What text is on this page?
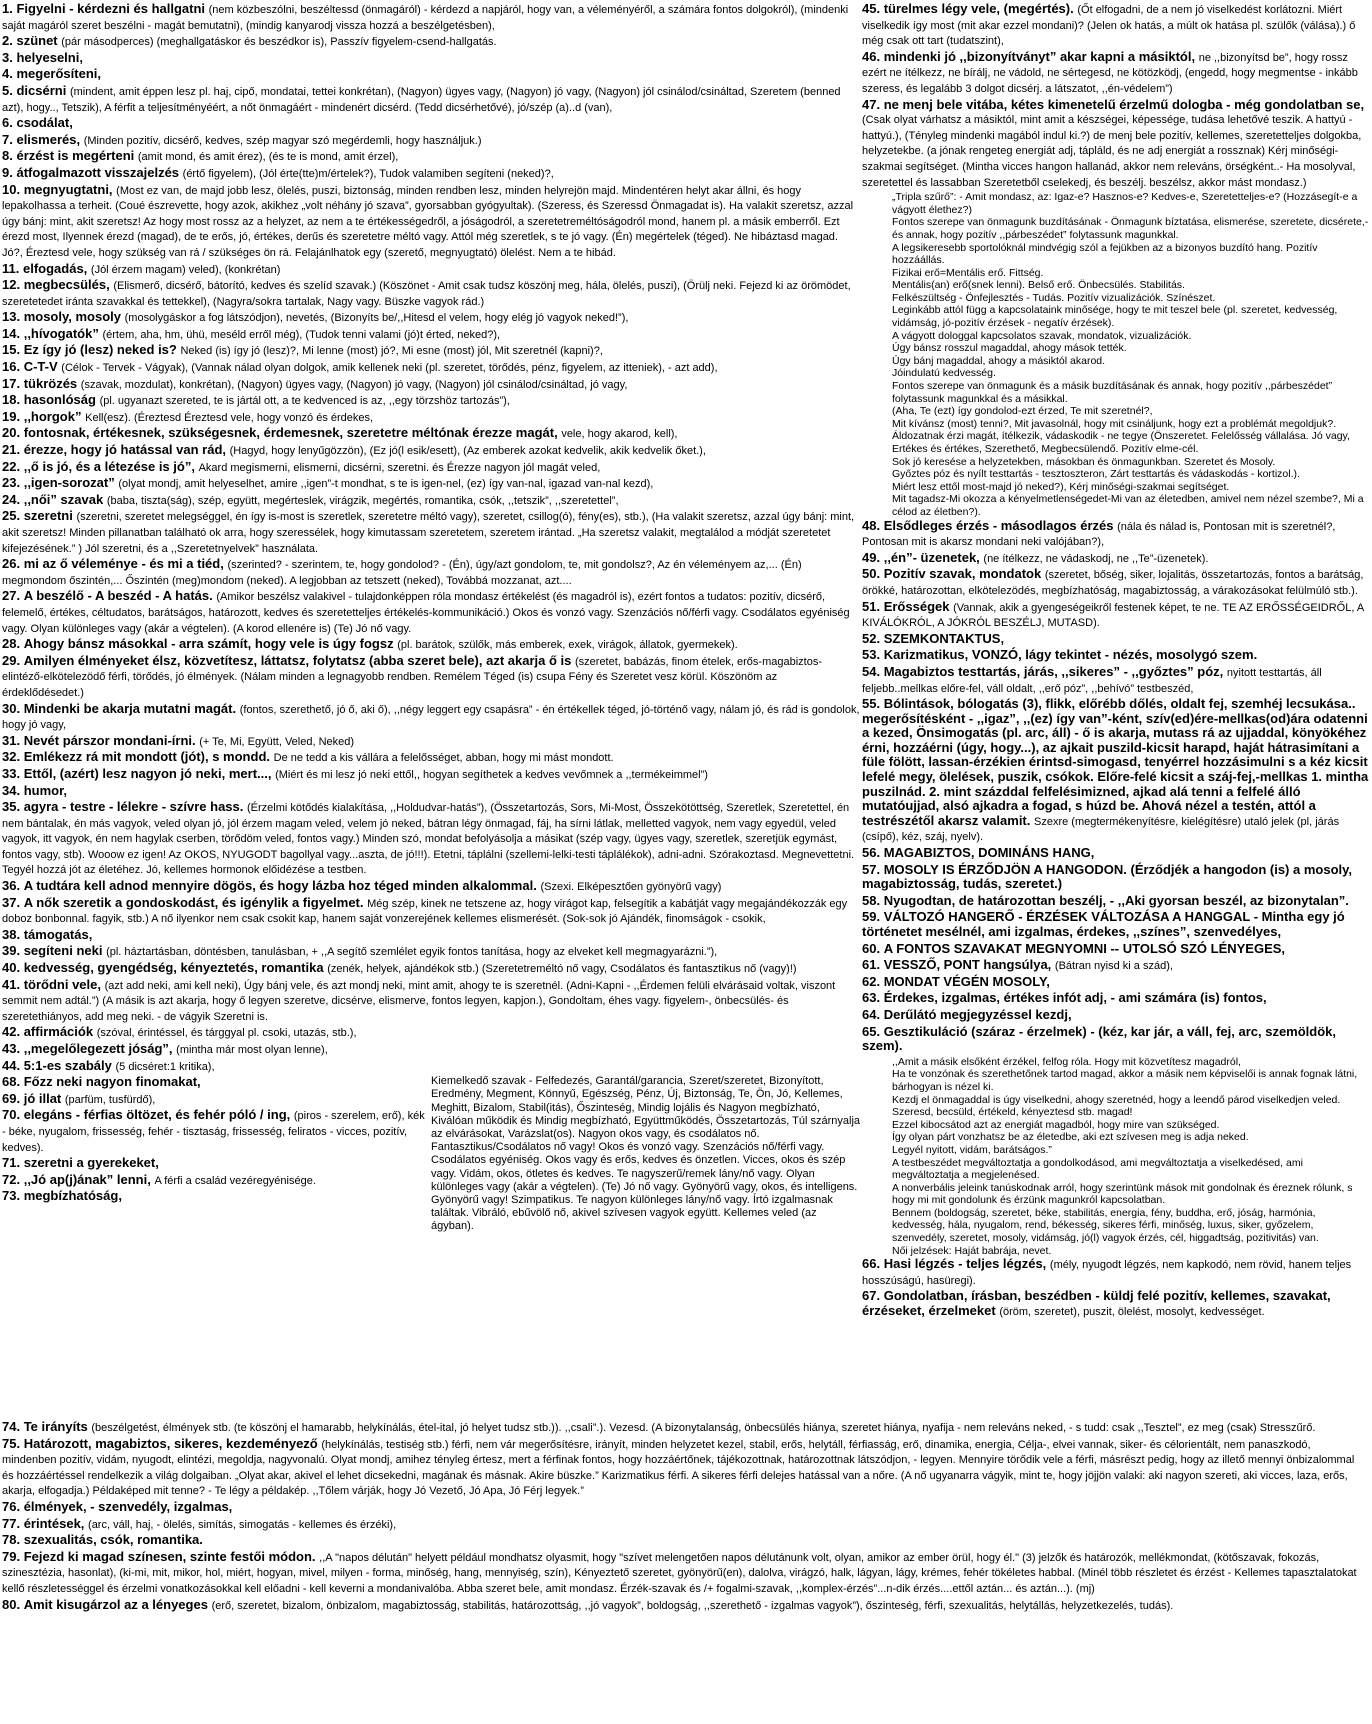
1. Figyelni - kérdezni és hallgatni (nem közbeszólni, beszéltessd (önmagáról) - kérdezd a napjáról, hogy van, a véleményéről, a számára fontos dolgokról), (mindenki saját magáról szeret beszélni - magát bemutatni), (mindig kanyarodj vissza hozzá a beszélgetésben),

2. szünet (pár másodperces) (meghallgatáskor és beszédkor is), Passzív figyelem-csend-hallgatás.

3. helyeselni,

4. megerősíteni,

5. dicsérni (mindent, amit éppen lesz pl. haj, cipő, mondatai, tettei konkrétan), (Nagyon) ügyes vagy, (Nagyon) jó vagy, (Nagyon) jól csinálod/csináltad, Szeretem (benned azt), hogy.., Tetszik), A férfit a teljesítményéért, a nőt önmagáért - mindenért dicsérd. (Tedd dicsérhetővé), jó/szép (a)..d (van),

6. csodálat,

7. elismerés, (Minden pozitív, dicsérő, kedves, szép magyar szó megérdemli, hogy használjuk.)

8. érzést is megérteni (amit mond, és amit érez), (és te is mond, amit érzel),

9. átfogalmazott visszajelzés (értő figyelem), (Jól érte(tte)m/értelek?), Tudok valamiben segíteni (neked)?,

10. megnyugtatni, (Most ez van, de majd jobb lesz, ölelés, puszi, biztonság, minden rendben lesz, minden helyrejön majd. Mindentéren helyt akar állni, és hogy lepakolhassa a terheit. (Coué észrevette, hogy azok, akikhez „volt néhány jó szava”, gyorsabban gyógyultak). (Szeress, és Szeressd Önmagadat is). Ha valakit szeretsz, azzal úgy bánj: mint, akit szeretsz! Az hogy most rossz az a helyzet, az nem a te értékességedről, a jóságodról, a szeretetreméltóságodról mond, hanem pl. a másik emberről. Ezt érezd most, Ilyennek érezd (magad), de te erős, jó, értékes, derűs és szeretetre méltó vagy. Attól még szeretlek, s te jó vagy. (Én) megértelek (téged). Ne hibáztasd magad. Jó?, Éreztesd vele, hogy szükség van rá / szükséges ön rá. Felajánlhatok egy (szerető, megnyugtató) ölelést. Nem a te hibád.

11. elfogadás, (Jól érzem magam) veled), (konkrétan)

12. megbecsülés, (Elismerő, dicsérő, bátorító, kedves és szelíd szavak.) (Köszönet - Amit csak tudsz köszönj meg, hála, ölelés, puszi), (Örülj neki. Fejezd ki az örömödet, szeretetedet iránta szavakkal és tettekkel), (Nagyra/sokra tartalak, Nagy vagy. Büszke vagyok rád.)

13. mosoly, mosoly (mosolygáskor a fog látszódjon), nevetés, (Bizonyíts be/,,Hitesd el velem, hogy elég jó vagyok neked!”),

14. ,,hívogatók” (értem, aha, hm, ühü, meséld erről még), (Tudok tenni valami (jó)t érted, neked?),

15. Ez így jó (lesz) neked is? Neked (is) így jó (lesz)?, Mi lenne (most) jó?, Mi esne (most) jól, Mit szeretnél (kapni)?,

16. C-T-V (Célok - Tervek - Vágyak), (Vannak nálad olyan dolgok, amik kellenek neki (pl. szeretet, törődés, pénz, figyelem, az itteniek), - azt add),

17. tükrözés (szavak, mozdulat), konkrétan), (Nagyon) ügyes vagy, (Nagyon) jó vagy, (Nagyon) jól csinálod/csináltad, jó vagy,

18. hasonlóság (pl. ugyanazt szereted, te is jártál ott, a te kedvenced is az, ,,egy törzshöz tartozás”),

19. ,,horgok” Kell(esz). (Éreztesd Éreztesd vele, hogy vonzó és érdekes,

20. fontosnak, értékesnek, szükségesnek, érdemesnek, szeretetre méltónak érezze magát, vele, hogy akarod, kell),

21. érezze, hogy jó hatással van rád, (Hagyd, hogy lenyűgözzön), (Ez jó(l esik/esett), (Az emberek azokat kedvelik, akik kedvelik őket.),

22. ,,ő is jó, és a létezése is jó”, Akard megismerni, elismerni, dicsérni, szeretni. és Érezze nagyon jól magát veled,

23. ,,igen-sorozat” (olyat mondj, amit helyeselhet, amire ,,igen”-t mondhat, s te is igen-nel, (ez) így van-nal, igazad van-nal kezd),

24. ,,női” szavak (baba, tiszta(ság), szép, együtt, megérteslek, virágzik, megértés, romantika, csók, ,,tetszik”, ,,szeretettel”,

25. szeretni (szeretni, szeretet melegséggel, én így is-most is szeretlek, szeretetre méltó vagy), szeretet, csillog(ó), fény(es), stb.), (Ha valakit szeretsz, azzal úgy bánj: mint, akit szeretsz! Minden pillanatban található ok arra, hogy szeressélek, hogy kimutassam szeretetem, szeretem irántad. „Ha szeretsz valakit, megtalálod a módját szeretetet kifejezésének.” ) Jól szeretni, és a ,,Szeretetnyelvek” használata.

26. mi az ő véleménye - és mi a tiéd, (szerinted? - szerintem, te, hogy gondolod? - (Én), úgy/azt gondolom, te, mit gondolsz?, Az én véleményem az,... (Én) megmondom őszintén,... Őszintén (meg)mondom (neked). A legjobban az tetszett (neked), Továbbá mozzanat, azt....

27. A beszélő - A beszéd - A hatás. (Amikor beszélsz valakivel - tulajdonképpen róla mondasz értékelést (és magadról is), ezért fontos a tudatos: pozitív, dicsérő, felemelő, értékes, céltudatos, barátságos, határozott, kedves és szeretetteljes értékelés-kommunikáció.) Okos és vonzó vagy. Szenzációs nő/férfi vagy. Csodálatos egyéniség vagy. Olyan különleges vagy (akár a végtelen). (A korod ellenére is) (Te) Jó nő vagy.

28. Ahogy bánsz másokkal - arra számít, hogy vele is úgy fogsz (pl. barátok, szülők, más emberek, exek, virágok, állatok, gyermekek).

29. Amilyen élményeket élsz, közvetítesz, láttatsz, folytatsz (abba szeret bele), azt akarja ő is (szeretet, babázás, finom ételek, erős-magabiztos-elintéző-elkötelezödő férfi, törődés, jó élmények. (Nálam minden a legnagyobb rendben. Remélem Téged (is) csupa Fény és Szeretet vesz körül. Köszönöm az érdeklődésedet.)

30. Mindenki be akarja mutatni magát. (fontos, szerethető, jó ő, aki ő), ,,négy leggert egy csapásra” - én értékellek téged, jó-történő vagy, nálam jó, és rád is gondolok, hogy jó vagy,

31. Nevét párszor mondani-írni. (+ Te, Mi, Együtt, Veled, Neked)

32. Emlékezz rá mit mondott (jót), s mondd. De ne tedd a kis vállára a felelősséget, abban, hogy mi mást mondott.

33. Ettől, (azért) lesz nagyon jó neki, mert..., (Miért és mi lesz jó neki ettől,, hogyan segíthetek a kedves vevőmnek a ,,termékeimmel”)

34. humor,

35. agyra - testre - lélekre - szívre hass. (Érzelmi kötődés kialakítása, ,,Holdudvar-hatás”), (Összetartozás, Sors, Mi-Most, Összekötöttség, Szeretlek, Szeretettel, én nem bántalak, én más vagyok, veled olyan jó, jól érzem magam veled, velem jó neked, bátran légy önmagad, fáj, ha sírni látlak, melletted vagyok, nem vagy egyedül, veled vagyok, itt vagyok, én nem hagylak cserben, törődöm veled, fontos vagy.) Minden szó, mondat befolyásolja a másikat (szép vagy, ügyes vagy, szeretlek, szeretjük egymást, fontos vagy, stb). Wooow ez igen! Az OKOS, NYUGODT bagollyal vagy...aszta, de jó!!!). Etetni, táplálni (szellemi-lelki-testi táplálékok), adni-adni. Szórakoztasd. Megnevettetni. Tegyél hozzá jót az életéhez. Jó, kellemes hormonok előidézése a testben.

36. A tudtára kell adnod mennyire dögös, és hogy lázba hoz téged minden alkalommal. (Szexi. Elképesztően gyönyörű vagy)

37. A nők szeretik a gondoskodást, és igénylik a figyelmet. Még szép, kinek ne tetszene az, hogy virágot kap, felsegítik a kabátját vagy megajándékozzák egy doboz bonbonnal. fagyik, stb.) A nő ilyenkor nem csak csokit kap, hanem saját vonzerejének kellemes elismerését. (Sok-sok jó Ajándék, finomságok - csokik,

38. támogatás,

39. segíteni neki (pl. háztartásban, döntésben, tanulásban, + ,,A segítő szemlélet egyik fontos tanítása, hogy az elveket kell megmagyarázni.”),

40. kedvesség, gyengédség, kényeztetés, romantika (zenék, helyek, ajándékok stb.) (Szeretetreméltó nő vagy, Csodálatos és fantasztikus nő (vagy)!)

41. törődni vele, (azt add neki, ami kell neki), Úgy bánj vele, és azt mondj neki, mint amit, ahogy te is szeretnél. (Adni-Kapni - ,,Érdemen felüli elvárásaid voltak, viszont semmit nem adtál.”) (A másik is azt akarja, hogy ő legyen szeretve, dicsérve, elismerve, fontos legyen, kapjon.), Gondoltam, éhes vagy. figyelem-, önbecsülés- és szeretethiányos, add meg neki. - de vágyik Szeretni is.

42. affirmációk (szóval, érintéssel, és tárggyal pl. csoki, utazás, stb.),

43. ,,megelőlegezett jóság”, (mintha már most olyan lenne),

44. 5:1-es szabály (5 dicséret:1 kritika),

68. Főzz neki nagyon finomakat,

69. jó illat (parfüm, tusfürdő),

70. elegáns - férfias öltözet, és fehér póló / ing, (piros - szerelem, erő), kék - béke, nyugalom, frissesség, fehér - tisztaság, frissesség, feliratos - vicces, pozitív, kedves).

71. szeretni a gyerekeket,

72. ,,Jó ap(j)ának” lenni, A férfi a család vezéregyénisége.

73. megbízhatóság,

Kiemelkedő szavak - Felfedezés, Garantál/garancia, Szeret/szeretet, Bizonyított, Eredmény, Megment, Könnyű, Egészség, Pénz, Új, Biztonság, Te, Ön, Jó, Kellemes, Meghitt, Bizalom, Stabil(itás), Őszinteség, Mindig lojális és Nagyon megbízható, Kiválóan működik és Mindig megbízható, Együttműködés, Összetartozás, Túl szárnyalja az elvárásokat, Varázslat(os). Nagyon okos vagy, és csodálatos nő. Fantasztikus/Csodálatos nő vagy! Okos és vonzó vagy. Szenzációs nő/férfi vagy. Csodálatos egyéniség. Okos vagy és erős, kedves és önzetlen. Vicces, okos és szép vagy. Vidám, okos, ötletes és kedves. Te nagyszerű/remek lány/nő vagy. Olyan különleges vagy (akár a végtelen). (Te) Jó nő vagy. Gyönyörű vagy, okos, és intelligens. Gyönyörű vagy! Szimpatikus. Te nagyon különleges lány/nő vagy. Írtó izgalmasnak találtak. Vibráló, ebűvölő nő, akivel szívesen vagyok együtt. Kellemes veled (az ágyban).

45. türelmes légy vele, (megértés). (Őt elfogadni, de a nem jó viselkedést korlátozni. Miért viselkedik így most (mit akar ezzel mondani)? (Jelen ok hatás, a múlt ok hatása pl. szülők (válása).) ő még csak ott tart (tudatszint),

46. mindenki jó ,,bizonyítványt” akar kapni a másiktól, ne ,,bizonyítsd be”, hogy rossz ezért ne ítélkezz, ne bírálj, ne vádold, ne sértegesd, ne kötözködj, (engedd, hogy megmentse - inkább szeress, és legalább 3 dolgot dicsérj. a látszatot, ,,én-védelem”)

47. ne menj bele vitába, kétes kimenetelű érzelmű dologba - még gondolatban se, (Csak olyat várhatsz a másiktól, mint amit a készségei, képessége, tudása lehetővé teszik. A hattyú - hattyú.), (Tényleg mindenki magából indul ki.?) de menj bele pozitív, kellemes, szeretetteljes dolgokba, helyzetekbe. (a jónak rengeteg energiát adj, tápláld, és ne adj energiát a rossznak) Kérj minőségi-szakmai segítséget. (Mintha vicces hangon hallanád, akkor nem releváns, örségként..- Ha mosolyval, szeretettel és lassabban Szeretetből cselekedj, és beszélj. beszélsz, akkor mást mondasz.)

„Tripla szűrő”: - Amit mondasz, az: Igaz-e? Hasznos-e? Kedves-e, Szeretetteljes-e? (Hozzásegít-e a vágyott élethez?)

Fontos szerepe van önmagunk buzdításának - Önmagunk bíztatása, elismerése, szeretete, dicsérete,- és annak, hogy pozitív ,,párbeszédet” folytassunk magunkkal.

A legsikeresebb sportolóknál mindvégig szól a fejükben az a bizonyos buzdító hang. Pozitív hozzáállás.

Fizikai erő=Mentális erő. Fittség.

Mentális(an) erő(snek lenni). Belső erő. Önbecsülés. Stabilitás.

Felkészültség - Önfejlesztés - Tudás. Pozitív vizualizációk. Színészet.

Leginkább attól függ a kapcsolataink minősége, hogy te mit teszel bele (pl. szeretet, kedvesség, vidámság, jó-pozitív érzések - negatív érzések).

A vágyott dologgal kapcsolatos szavak, mondatok, vizualizációk.

Úgy bánsz rosszul magaddal, ahogy mások tették.

Úgy bánj magaddal, ahogy a másiktól akarod.

Jóindulatú kedvesség.

Fontos szerepe van önmagunk és a másik buzdításának és annak, hogy pozitív ,,párbeszédet” folytassunk magunkkal és a másikkal.

(Aha, Te (ezt) így gondolod-ezt érzed, Te mit szeretnél?,

Mit kívánsz (most) tenni?, Mit javasolnál, hogy mit csináljunk, hogy ezt a problémát megoldjuk?.

Áldozatnak érzi magát, ítélkezik, vádaskodik - ne tegye (Önszeretet. Felelősség vállalása. Jó vagy, Ertékes és értékes, Szerethető, Megbecsülendő. Pozitív elme-cél.

Sok jó keresése a helyzetekben, másokban és önmagunkban. Szeretet és Mosoly.

Győztes póz és nyílt testtartás - tesztoszteron, Zárt testtartás és vádaskodás - kortizol.).

Miért lesz ettől most-majd jó neked?), Kérj minőségi-szakmai segítséget.

Mit tagadsz-Mi okozza a kényelmetlenségedet-Mi van az életedben, amivel nem nézel szembe?, Mi a célod az életben?).

48. Elsődleges érzés - másodlagos érzés (nála és nálad is, Pontosan mit is szeretnél?, Pontosan mit is akarsz mondani neki valójában?),

49. ,,én”- üzenetek, (ne ítélkezz, ne vádaskodj, ne ,,Te”-üzenetek).

50. Pozitív szavak, mondatok (szeretet, bőség, siker, lojalitás, összetartozás, fontos a barátság, örökké, határozottan, elkötelezödés, megbízhatóság, magabiztosság, a várakozásokat felülmúló stb.).

51. Erősségek (Vannak, akik a gyengeségeikről festenek képet, te ne. TE AZ ERŐSSÉGEIDRŐL, A KIVÁLÓKRÓL, A JÓKRÓL BESZÉLJ, MUTASD).

52. SZEMKONTAKTUS,

53. Karizmatikus, VONZÓ, lágy tekintet - nézés, mosolygó szem.

54. Magabiztos testtartás, járás, ,,sikeres” - ,,győztes” póz, nyitott testtartás, áll feljebb..mellkas előre-fel, váll oldalt, ,,erő póz”, ,,behívó” testbeszéd,

55. Bólintások, bólogatás (3), flikk, előrébb dőlés, oldalt fej, szemhéj lecsukása.. megerősítésként - ,,igaz”, ,,(ez) így van”-ként, szív(ed)ére-mellkas(od)ára odatenni a kezed, Önsimogatás (pl. arc, áll) - ő is akarja, mutass rá az ujjaddal, könyökéhez érni, hozzáérni (úgy, hogy...), az ajkait puszild-kicsit harapd, haját hátrasimítani a füle fölött, lassan-érzékien érintsd-simogasd, tenyérrel hozzásimulni s a kéz kicsit lefelé megy, ölelések, puszik, csókok. Előre-felé kicsit a száj-fej,-mellkas 1. mintha puszilnád. 2. mint százddal felfelésimizned, ajkad alá tenni a felfelé álló mutatóujjad, alsó ajkadra a fogad, s húzd be. Ahová nézel a testén, attól a testrészétől akarsz valamit. Szexre (megtermékenyítésre, kielégítésre) utaló jelek (pl, járás (csípő), kéz, száj, nyelv).

56. MAGABIZTOS, DOMINÁNS HANG,

57. MOSOLY IS ÉRZŐDJÖN A HANGODON. (Érződjék a hangodon (is) a mosoly, magabiztosság, tudás, szeretet.)

58. Nyugodtan, de határozottan beszélj, - ,,Aki gyorsan beszél, az bizonytalan”.

59. VÁLTOZÓ HANGERŐ - ÉRZÉSEK VÁLTOZÁSA A HANGGAL - Mintha egy jó történetet mesélnél, ami izgalmas, érdekes, ,,színes”, szenvedélyes,

60. A FONTOS SZAVAKAT MEGNYOMNI -- UTOLSÓ SZÓ LÉNYEGES,

61. VESSZŐ, PONT hangsúlya, (Bátran nyisd ki a szád),

62. MONDAT VÉGÉN MOSOLY,

63. Érdekes, izgalmas, értékes infót adj, - ami számára (is) fontos,

64. Derűlátó megjegyzéssel kezdj,

65. Gesztikuláció (száraz - érzelmek) - (kéz, kar jár, a váll, fej, arc, szemöldök, szem).

,,Amit a másik elsőként érzékel, felfog róla. Hogy mit közvetítesz magadról,

Ha te vonzónak és szerethetőnek tartod magad, akkor a másik nem képviselői is annak fognak látni, bárhogyan is nézel ki.

Kezdj el önmagaddal is úgy viselkedni, ahogy szeretnéd, hogy a leendő párod viselkedjen veled. Szeresd, becsüld, értékeld, kényeztesd stb. magad!

Ezzel kibocsátod azt az energiát magadból, hogy mire van szükséged.

Így olyan párt vonzhatsz be az életedbe, aki ezt szívesen meg is adja neked.

Legyél nyitott, vidám, barátságos.”

A testbeszédet megváltoztatja a gondolkodásod, ami megváltoztatja a viselkedésed, ami megváltoztatja a megjelenésed.

A nonverbális jeleink tanúskodnak arról, hogy szerintünk mások mit gondolnak és éreznek rólunk, s hogy mi mit gondolunk és érzünk magunkról kapcsolatban.

Bennem (boldogság, szeretet, béke, stabilitás, energia, fény, buddha, erő, jóság, harmónia, kedvesség, hála, nyugalom, rend, békesség, sikeres férfi, minőség, luxus, siker, győzelem, szenvedély, szeretet, mosoly, vidámság, jó(l) vagyok érzés, cél, higgadtság, pozitivitás) van.

Női jelzések: Haját babrája, nevet.

66. Hasi légzés - teljes légzés, (mély, nyugodt légzés, nem kapkodó, nem rövid, hanem teljes hosszúságú, hasüregi).

67. Gondolatban, írásban, beszédben - küldj felé pozitív, kellemes, szavakat, érzéseket, érzelmeket (öröm, szeretet), puszit, ölelést, mosolyt, kedvességet.

74. Te irányíts (beszélgetést, élmények stb. (te köszönj el hamarabb, helykínálás, étel-ital, jó helyet tudsz stb.)). ,,csali”.). Vezesd. (A bizonytalanság, önbecsülés hiánya, szeretet hiánya, nyafija - nem releváns neked, - s tudd: csak ,,Tesztel”, ez meg (csak) Stresszűrő.

75. Határozott, magabiztos, sikeres, kezdeményező (helykínálás, testiség stb.) férfi, nem vár megerősítésre, irányít, minden helyzetet kezel, stabil, erős, helytáll, férfiasság, erő, dinamika, energia, Célja-, elvei vannak, siker- és célorientált, nem panaszkodó, mindenben pozitív, vidám, nyugodt, elintézi, megoldja, nagyvonalú. Olyat mondj, amihez tényleg értesz, mert a férfinak fontos, hogy hozzáértőnek, tájékozottnak, határozottnak látszódjon, - legyen. Mennyire törődik vele a férfi, másrészt pedig, hogy az illető mennyi önbizalommal és hozzáértéssel rendelkezik a világ dolgaiban. „Olyat akar, akivel el lehet dicsekedni, magának és másnak. Akire büszke.” Karizmatikus férfi. A sikeres férfi delejes hatással van a nőre. (A nő ugyanarra vágyik, mint te, hogy jöjjön valaki: aki nagyon szereti, aki vicces, laza, erős, akarja, elfogadja.) Példaképed mit tenne? - Te légy a példakép. ,,Tőlem várják, hogy Jó Vezető, Jó Apa, Jó Férj legyek.”

76. élmények, - szenvedély, izgalmas,

77. érintések, (arc, váll, haj, - ölelés, simítás, simogatás - kellemes és érzéki),

78. szexualitás, csók, romantika.

79. Fejezd ki magad színesen, szinte festői módon. ,,A "napos délután" helyett például mondhatsz olyasmit, hogy "szívet melengetően napos délutánunk volt, olyan, amikor az ember örül, hogy él." (3) jelzők és határozók, mellékmondat, (kötőszavak, fokozás, szinesztézia, hasonlat), (ki-mi, mit, mikor, hol, miért, hogyan, mivel, milyen - forma, minőség, hang, mennyiség, szín), Kényeztető szeretet, gyönyörű(en), dalolva, virágzó, halk, lágyan, lágy, krémes, fehér tökéletes habbal. (Minél több részletet és érzést - Kellemes tapasztalatokat kellő részletességgel és érzelmi vonatkozásokkal kell előadni - kell keverni a mondanivalóba. Abba szeret bele, amit mondasz. Érzék-szavak és /+ fogalmi-szavak, ,,komplex-érzés”...n-dik érzés....ettől aztán... és aztán...). (mj)

80. Amit kisugárzol az a lényeges (erő, szeretet, bizalom, önbizalom, magabiztosság, stabilitás, határozottság, ,,jó vagyok”, boldogság, ,,szerethető - izgalmas vagyok”), őszinteség, férfi, szexualitás, helytállás, helyzetkezelés, tudás).
